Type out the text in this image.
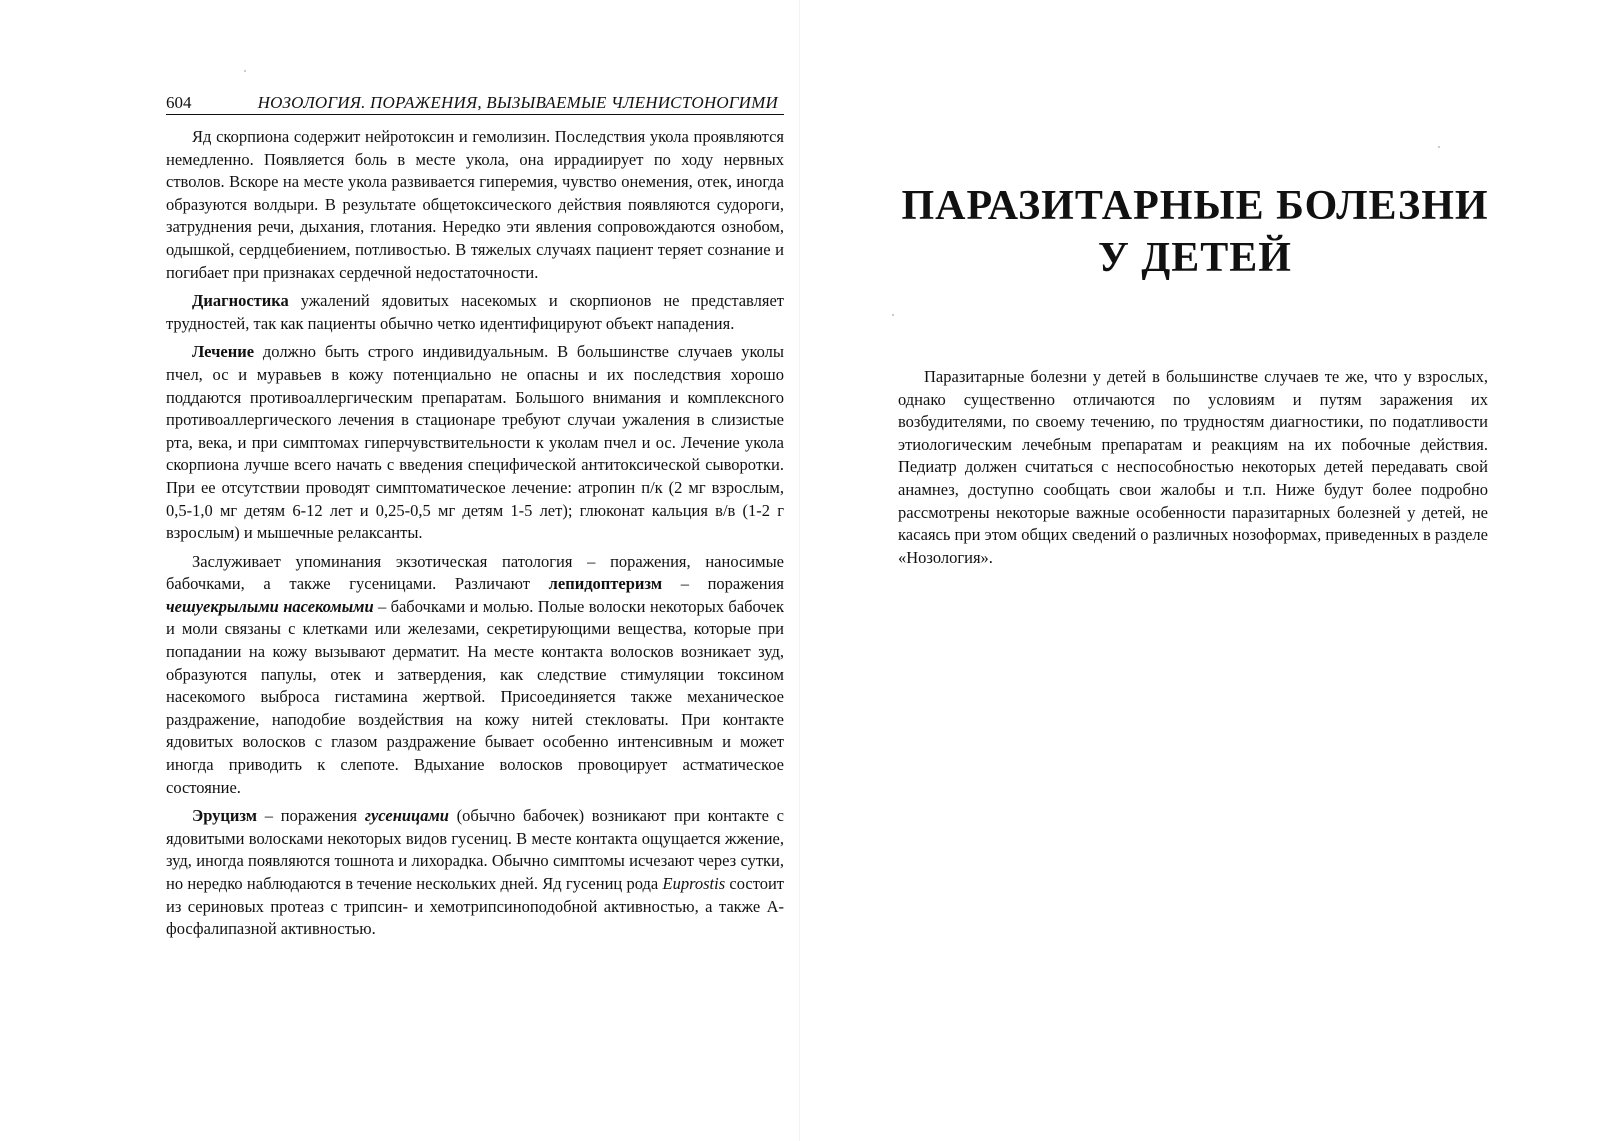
604	НОЗОЛОГИЯ. ПОРАЖЕНИЯ, ВЫЗЫВАЕМЫЕ ЧЛЕНИСТОНОГИМИ

Яд скорпиона содержит нейротоксин и гемолизин. Последствия укола проявляются немедленно. Появляется боль в месте укола, она иррадиирует по ходу нервных стволов. Вскоре на месте укола развивается гиперемия, чувство онемения, отек, иногда образуются волдыри. В результате общетоксического действия появляются судороги, затруднения речи, дыхания, глотания. Нередко эти явления сопровождаются ознобом, одышкой, сердцебиением, потливостью. В тяжелых случаях пациент теряет сознание и погибает при признаках сердечной недостаточности.

Диагностика ужалений ядовитых насекомых и скорпионов не представляет трудностей, так как пациенты обычно четко идентифицируют объект нападения.

Лечение должно быть строго индивидуальным. В большинстве случаев уколы пчел, ос и муравьев в кожу потенциально не опасны и их последствия хорошо поддаются противоаллергическим препаратам. Большого внимания и комплексного противоаллергического лечения в стационаре требуют случаи ужаления в слизистые рта, века, и при симптомах гиперчувствительности к уколам пчел и ос. Лечение укола скорпиона лучше всего начать с введения специфической антитоксической сыворотки. При ее отсутствии проводят симптоматическое лечение: атропин п/к (2 мг взрослым, 0,5-1,0 мг детям 6-12 лет и 0,25-0,5 мг детям 1-5 лет); глюконат кальция в/в (1-2 г взрослым) и мышечные релаксанты.

Заслуживает упоминания экзотическая патология – поражения, наносимые бабочками, а также гусеницами. Различают лепидоптеризм – поражения чешуекрылыми насекомыми – бабочками и молью. Полые волоски некоторых бабочек и моли связаны с клетками или железами, секретирующими вещества, которые при попадании на кожу вызывают дерматит. На месте контакта волосков возникает зуд, образуются папулы, отек и затвердения, как следствие стимуляции токсином насекомого выброса гистамина жертвой. Присоединяется также механическое раздражение, наподобие воздействия на кожу нитей стекловаты. При контакте ядовитых волосков с глазом раздражение бывает особенно интенсивным и может иногда приводить к слепоте. Вдыхание волосков провоцирует астматическое состояние.

Эруцизм – поражения гусеницами (обычно бабочек) возникают при контакте с ядовитыми волосками некоторых видов гусениц. В месте контакта ощущается жжение, зуд, иногда появляются тошнота и лихорадка. Обычно симптомы исчезают через сутки, но нередко наблюдаются в течение нескольких дней. Яд гусениц рода Euprostis состоит из сериновых протеаз с трипсин- и хемотрипсиноподобной активностью, а также А-фосфалипазной активностью.

ПАРАЗИТАРНЫЕ БОЛЕЗНИ
У ДЕТЕЙ

Паразитарные болезни у детей в большинстве случаев те же, что у взрослых, однако существенно отличаются по условиям и путям заражения их возбудителями, по своему течению, по трудностям диагностики, по податливости этиологическим лечебным препаратам и реакциям на их побочные действия. Педиатр должен считаться с неспособностью некоторых детей передавать свой анамнез, доступно сообщать свои жалобы и т.п. Ниже будут более подробно рассмотрены некоторые важные особенности паразитарных болезней у детей, не касаясь при этом общих сведений о различных нозоформах, приведенных в разделе «Нозология».
